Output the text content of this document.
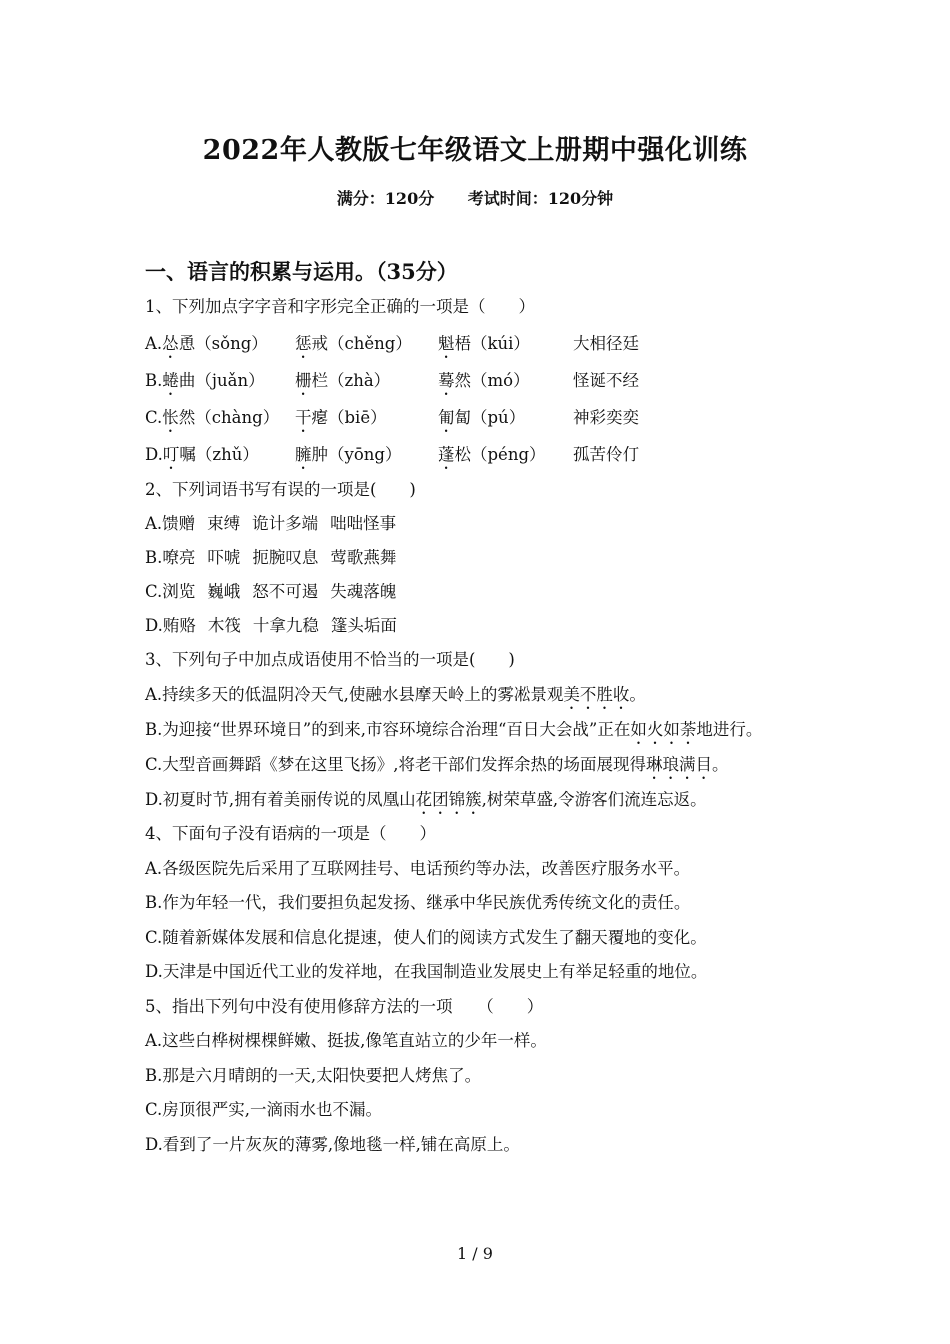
2022年人教版七年级语文上册期中强化训练
满分：120分 考试时间：120分钟
一、语言的积累与运用。（35分）
1、下列加点字字音和字形完全正确的一项是（　　）
A.怂恿（sǒng）	惩戒（chěng）	魁梧（kúi）	大相径廷
B.蜷曲（juǎn）	栅栏（zhà）	蓦然（mó）	怪诞不经
C.怅然（chàng） 干瘪（biē）	匍匐（pú）	神彩奕奕
D.叮嘱（zhǔ）	臃肿（yōng）	蓬松（péng）	孤苦伶仃
2、下列词语书写有误的一项是(　　)
A.馈赠 束缚 诡计多端 咄咄怪事
B.嘹亮 吓唬 扼腕叹息 莺歌燕舞
C.浏览 巍峨 怒不可遏 失魂落魄
D.贿赂 木筏 十拿九稳 篷头垢面
3、下列句子中加点成语使用不恰当的一项是(　　)
A.持续多天的低温阴冷天气,使融水县摩天岭上的雾凇景观美不胜收。
B.为迎接“世界环境日”的到来,市容环境综合治理“百日大会战”正在如火如荼地进行。
C.大型音画舞蹈《梦在这里飞扬》,将老干部们发挥余热的场面展现得琳琅满目。
D.初夏时节,拥有着美丽传说的凤凰山花团锦簇,树荣草盛,令游客们流连忘返。
4、下面句子没有语病的一项是（　　）
A.各级医院先后采用了互联网挂号、电话预约等办法，改善医疗服务水平。
B.作为年轻一代，我们要担负起发扬、继承中华民族优秀传统文化的责任。
C.随着新媒体发展和信息化提速，使人们的阅读方式发生了翻天覆地的变化。
D.天津是中国近代工业的发祥地，在我国制造业发展史上有举足轻重的地位。
5、指出下列句中没有使用修辞方法的一项　　（　　）
A.这些白桦树棵棵鲜嫩、挺拔,像笔直站立的少年一样。
B.那是六月晴朗的一天,太阳快要把人烤焦了。
C.房顶很严实,一滴雨水也不漏。
D.看到了一片灰灰的薄雾,像地毯一样,铺在高原上。
1 / 9
